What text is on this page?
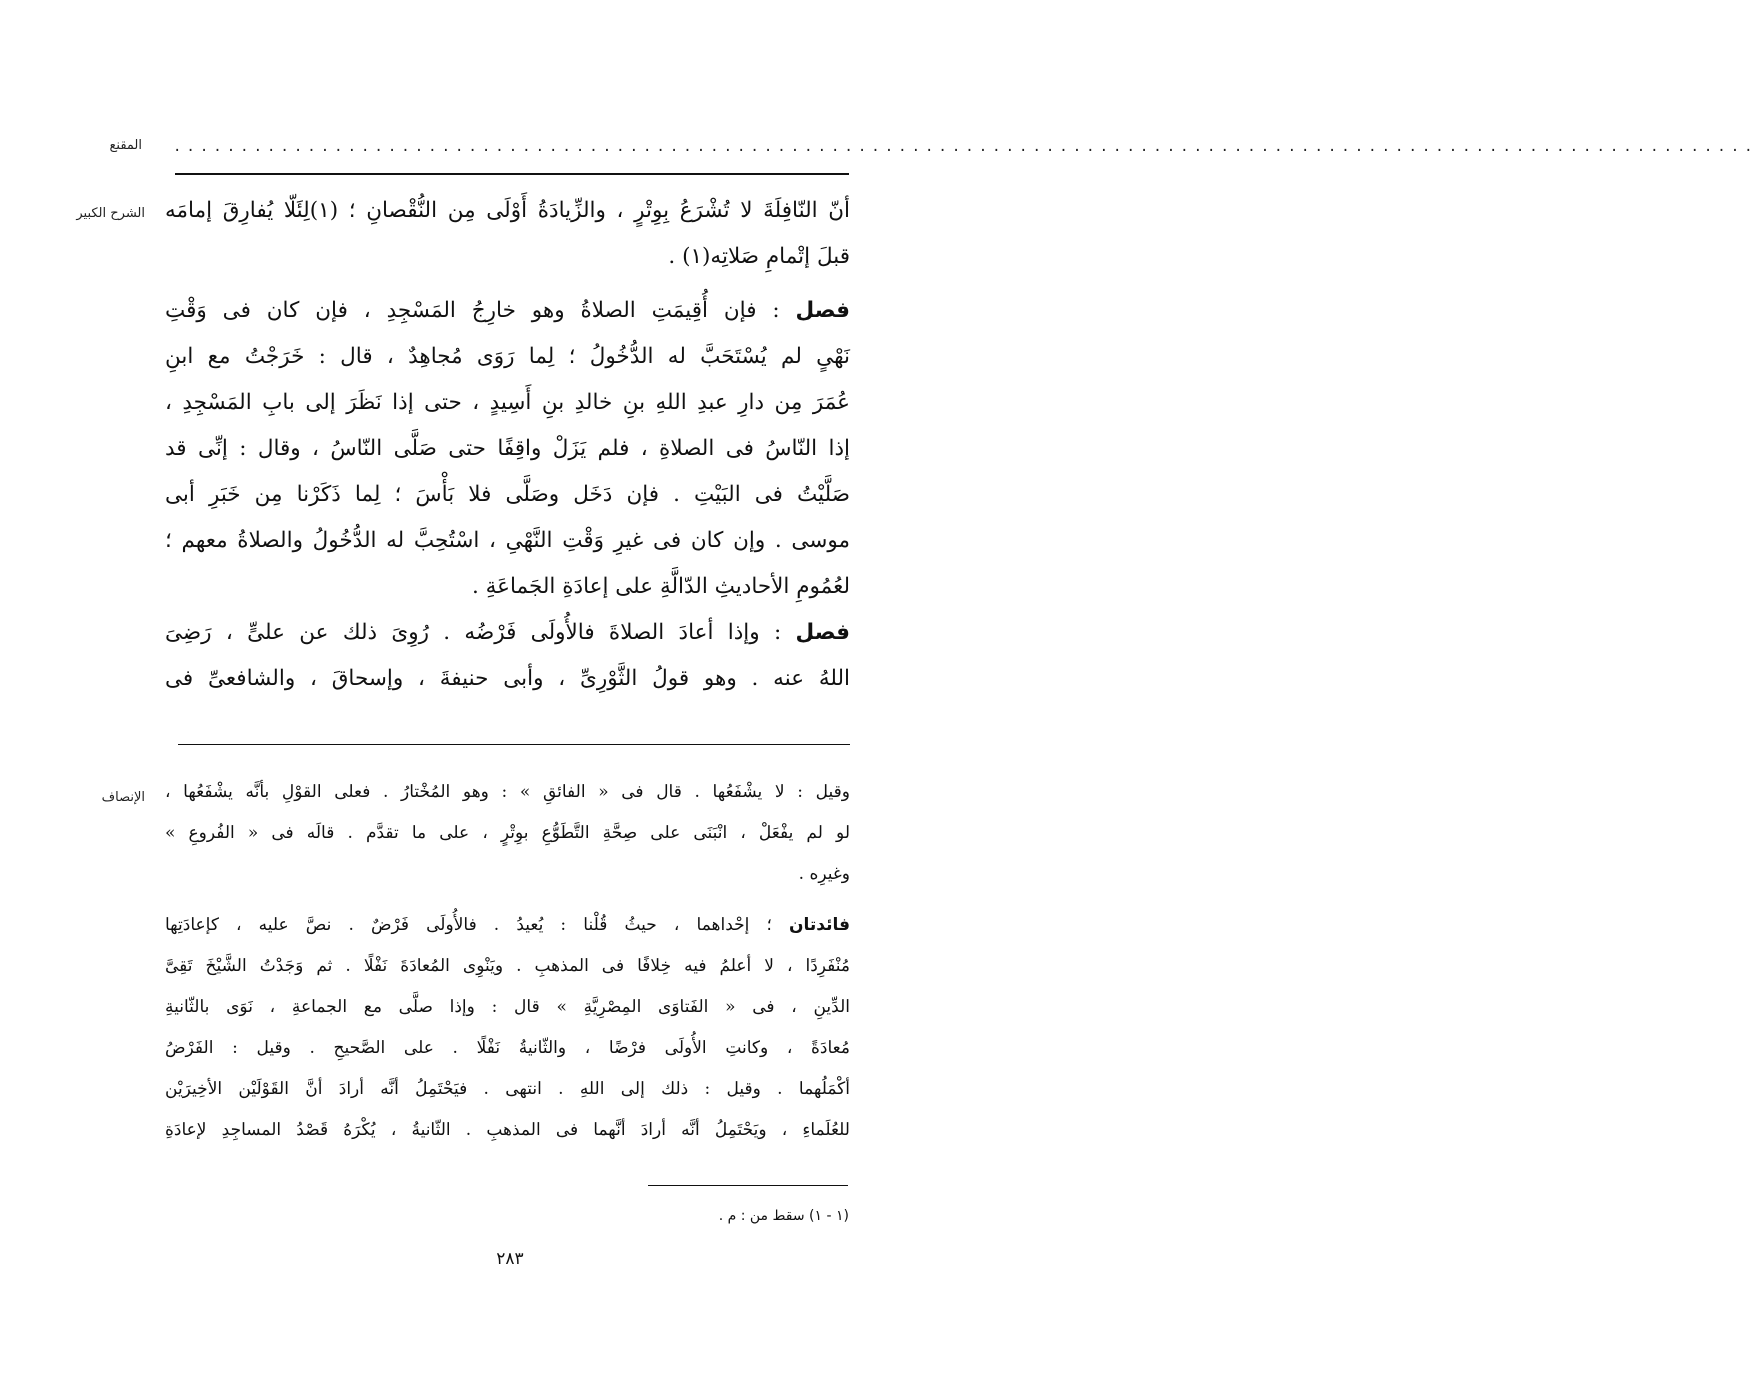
المقنع ......................................................................................................................
الشرح الكبير أنّ النّافِلَةَ لا تُشْرَعُ بِوِتْرٍ ، والزِّيادَةُ أَوْلَى مِن النُّقْصانِ ؛ (١)لِئَلّا يُفارِقَ إمامَه
قبلَ إتْمامِ صَلاتِه(١) .
فصل : فإن أُقِيمَتِ الصلاةُ وهو خارِجُ المَسْجِدِ ، فإن كان فى وَقْتِ
نَهْىٍ لم يُسْتَحَبَّ له الدُّخُولُ ؛ لِما رَوَى مُجاهِدٌ ، قال : خَرَجْتُ مع ابنِ
عُمَرَ مِن دارِ عبدِ اللهِ بنِ خالدِ بنِ أَسِيدٍ ، حتى إذا نَظَرَ إلى بابِ المَسْجِدِ ،
إذا النّاسُ فى الصلاةِ ، فلم يَزَلْ واقِفًا حتى صَلَّى النّاسُ ، وقال : إنِّى قد
صَلَّيْتُ فى البَيْتِ . فإن دَخَل وصَلَّى فلا بَأْسَ ؛ لِما ذَكَرْنا مِن خَبَرِ أبى
موسى . وإن كان فى غيرِ وَقْتِ النَّهْىِ ، اسْتُحِبَّ له الدُّخُولُ والصلاةُ معهم ؛
لعُمُومِ الأحاديثِ الدّالَّةِ على إعادَةِ الجَماعَةِ .
فصل : وإذا أعادَ الصلاةَ فالأُولَى فَرْضُه . رُوِىَ ذلك عن علىٍّ ، رَضِىَ
اللهُ عنه . وهو قولُ الثَّوْرِىِّ ، وأبى حنيفةَ ، وإسحاقَ ، والشافعىِّ فى
الإنصاف وقيل : لا يشْفَعُها . قال فى « الفائقِ » : وهو المُخْتارُ . فعلى القوْلِ بأنَّه يشْفَعُها ،
لو لم يفْعَلْ ، انْبَنَى على صِحَّةِ التَّطَوُّعِ بوِتْرٍ ، على ما تقدَّم . قالَه فى « الفُروعِ »
وغيرِه .
فائدتان ؛ إحْداهما ، حيثُ قُلْنا : يُعيدُ . فالأُولَى فَرْضٌ . نصَّ عليه ، كإعادَتِها
مُنْفَرِدًا ، لا أعلمُ فيه خِلافًا فى المذهبِ . ويَنْوِى المُعادَةَ نَفْلًا . ثم وَجَدْتُ الشَّيْخَ تَقِىَّ
الدِّينِ ، فى « الفَتاوَى المِصْرِيَّةِ » قال : وإذا صلَّى مع الجماعةِ ، نَوَى بالثّانيةِ
مُعادَةً ، وكانتِ الأُولَى فرْضًا ، والثّانيةُ نَفْلًا . على الصَّحيحِ . وقيل : الفَرْضُ
أكْمَلُهما . وقيل : ذلك إلى اللهِ . انتهى . فيَحْتَمِلُ أنَّه أرادَ أنَّ القَوْلَيْن الأخِيرَيْن
للعُلَماءِ ، ويَحْتَمِلُ أنَّه أرادَ أنَّهما فى المذهبِ . الثّانيةُ ، يُكْرَهُ قَصْدُ المساجِدِ لإعادَةِ
(١ - ١) سقط من : م .
٢٨٣
